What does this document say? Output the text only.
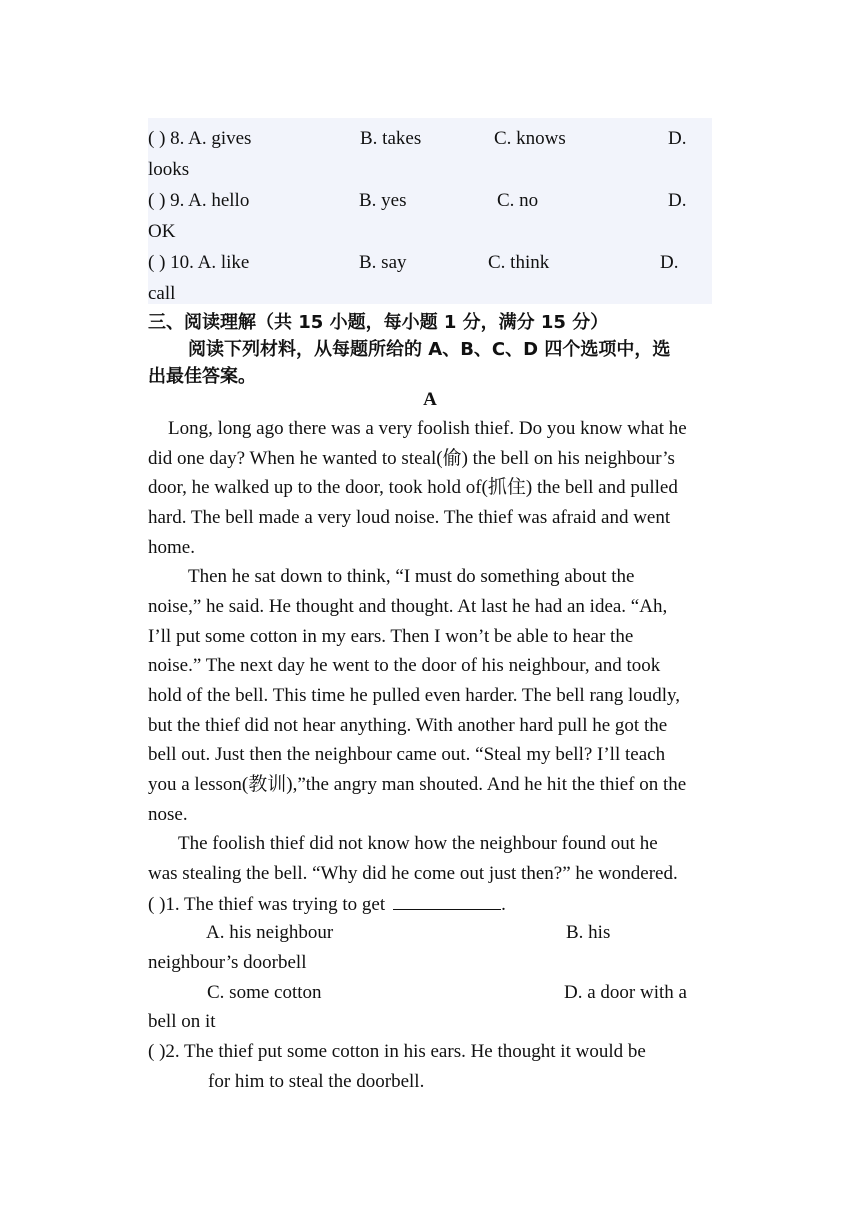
( ) 8. A. gives	B. takes	C. knows	D.
looks
( ) 9. A. hello	B. yes	C. no	D.
OK
( ) 10. A. like	B. say	C. think	D.
call
三、阅读理解（共 15 小题，每小题 1 分，满分 15 分）
阅读下列材料，从每题所给的 A、B、C、D 四个选项中，选
出最佳答案。
A
Long, long ago there was a very foolish thief. Do you know what he
did one day? When he wanted to steal(偷) the bell on his neighbour’s
door, he walked up to the door, took hold of(抓住) the bell and pulled
hard. The bell made a very loud noise. The thief was afraid and went
home.
Then he sat down to think, “I must do something about the
noise,” he said. He thought and thought. At last he had an idea. “Ah,
I’ll put some cotton in my ears. Then I won’t be able to hear the
noise.” The next day he went to the door of his neighbour, and took
hold of the bell. This time he pulled even harder. The bell rang loudly,
but the thief did not hear anything. With another hard pull he got the
bell out. Just then the neighbour came out. “Steal my bell? I’ll teach
you a lesson(教训),”the angry man shouted. And he hit the thief on the
nose.
The foolish thief did not know how the neighbour found out he
was stealing the bell. “Why did he come out just then?” he wondered.
( )1. The thief was trying to get	.
A. his neighbour	B. his
neighbour’s doorbell
C. some cotton	D. a door with a
bell on it
( )2. The thief put some cotton in his ears. He thought it would be
for him to steal the doorbell.
